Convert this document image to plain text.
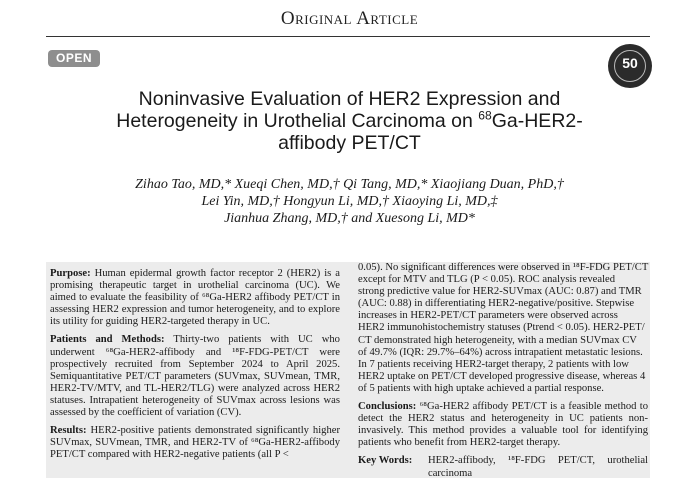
Original Article
OPEN	50
Noninvasive Evaluation of HER2 Expression and
Heterogeneity in Urothelial Carcinoma on $^{68}$Ga-HER2-
affibody PET/CT
Zihao Tao, MD,* Xueqi Chen, MD,† Qi Tang, MD,* Xiaojiang Duan, PhD,†
Lei Yin, MD,† Hongyun Li, MD,† Xiaoying Li, MD,‡
Jianhua Zhang, MD,† and Xuesong Li, MD*

Purpose: Human epidermal growth factor receptor 2 (HER2) is a promising therapeutic target in urothelial carcinoma (UC). We aimed to evaluate the feasibility of ⁶⁸Ga-HER2 affibody PET/CT in assessing HER2 expression and tumor heterogeneity, and to explore its utility for guiding HER2-targeted therapy in UC.

Patients and Methods: Thirty-two patients with UC who underwent ⁶⁸Ga-HER2-affibody and ¹⁸F-FDG-PET/CT were prospectively recruited from September 2024 to April 2025. Semiquantitative PET/CT parameters (SUVmax, SUVmean, TMR, HER2-TV/MTV, and TL-HER2/TLG) were analyzed across HER2 statuses. Intrapatient heterogeneity of SUVmax across lesions was assessed by the coefficient of variation (CV).

Results: HER2-positive patients demonstrated significantly higher SUVmax, SUVmean, TMR, and HER2-TV of ⁶⁸Ga-HER2-affibody PET/CT compared with HER2-negative patients (all P <

0.05). No significant differences were observed in ¹⁸F-FDG PET/CT
except for MTV and TLG (P < 0.05). ROC analysis revealed
strong predictive value for HER2-SUVmax (AUC: 0.87) and TMR
(AUC: 0.88) in differentiating HER2-negative/positive. Stepwise
increases in HER2-PET/CT parameters were observed across
HER2 immunohistochemistry statuses (Ptrend < 0.05). HER2-PET/
CT demonstrated high heterogeneity, with a median SUVmax CV
of 49.7% (IQR: 29.7%–64%) across intrapatient metastatic lesions.
In 7 patients receiving HER2-target therapy, 2 patients with low
HER2 uptake on PET/CT developed progressive disease, whereas 4
of 5 patients with high uptake achieved a partial response.

Conclusions: ⁶⁸Ga-HER2 affibody PET/CT is a feasible method to detect the HER2 status and heterogeneity in UC patients non-invasively. This method provides a valuable tool for identifying patients who benefit from HER2-target therapy.

Key Words:	HER2-affibody, ¹⁸F-FDG PET/CT, urothelial carcinoma
